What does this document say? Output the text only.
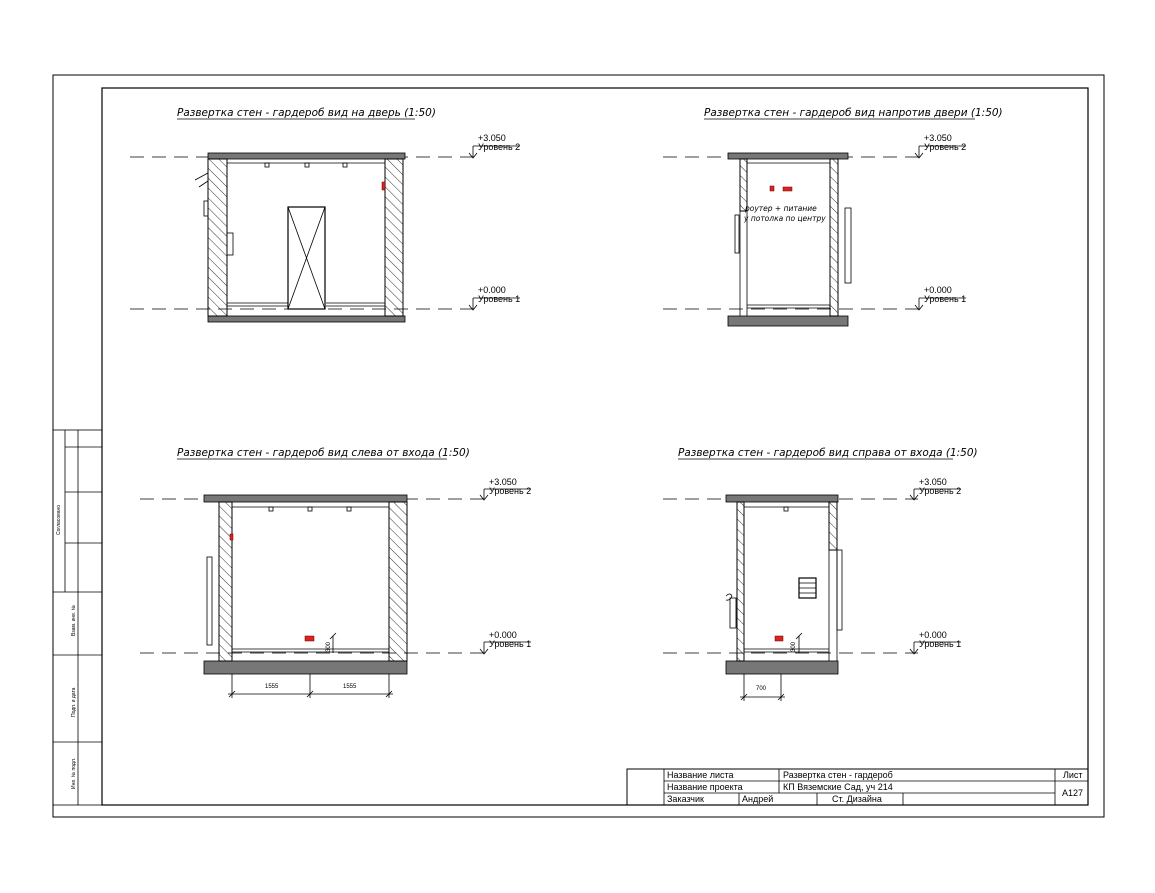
Согласовано
Взам. инв. №
Подп. и дата
Инв. № подл.
Развертка стен - гардероб вид на дверь (1:50)	Развертка стен - гардероб вид напротив двери (1:50)
роутер + питание
у потолка по центру
Развертка стен - гардероб вид слева от входа (1:50)
300
1555	1555
Развертка стен - гардероб вид справа от входа (1:50)
300
700
+3.050
Уровень 2
+0.000
Уровень 1
+3.050
Уровень 2
+0.000
Уровень 1
+3.050
Уровень 2
+0.000
Уровень 1
+3.050
Уровень 2
+0.000
Уровень 1
Название листа	Развертка стен - гардероб
Название проекта	КП Вяземские Сад, уч 214
Заказчик	Андрей	Ст. Дизайна
Лист
A127
